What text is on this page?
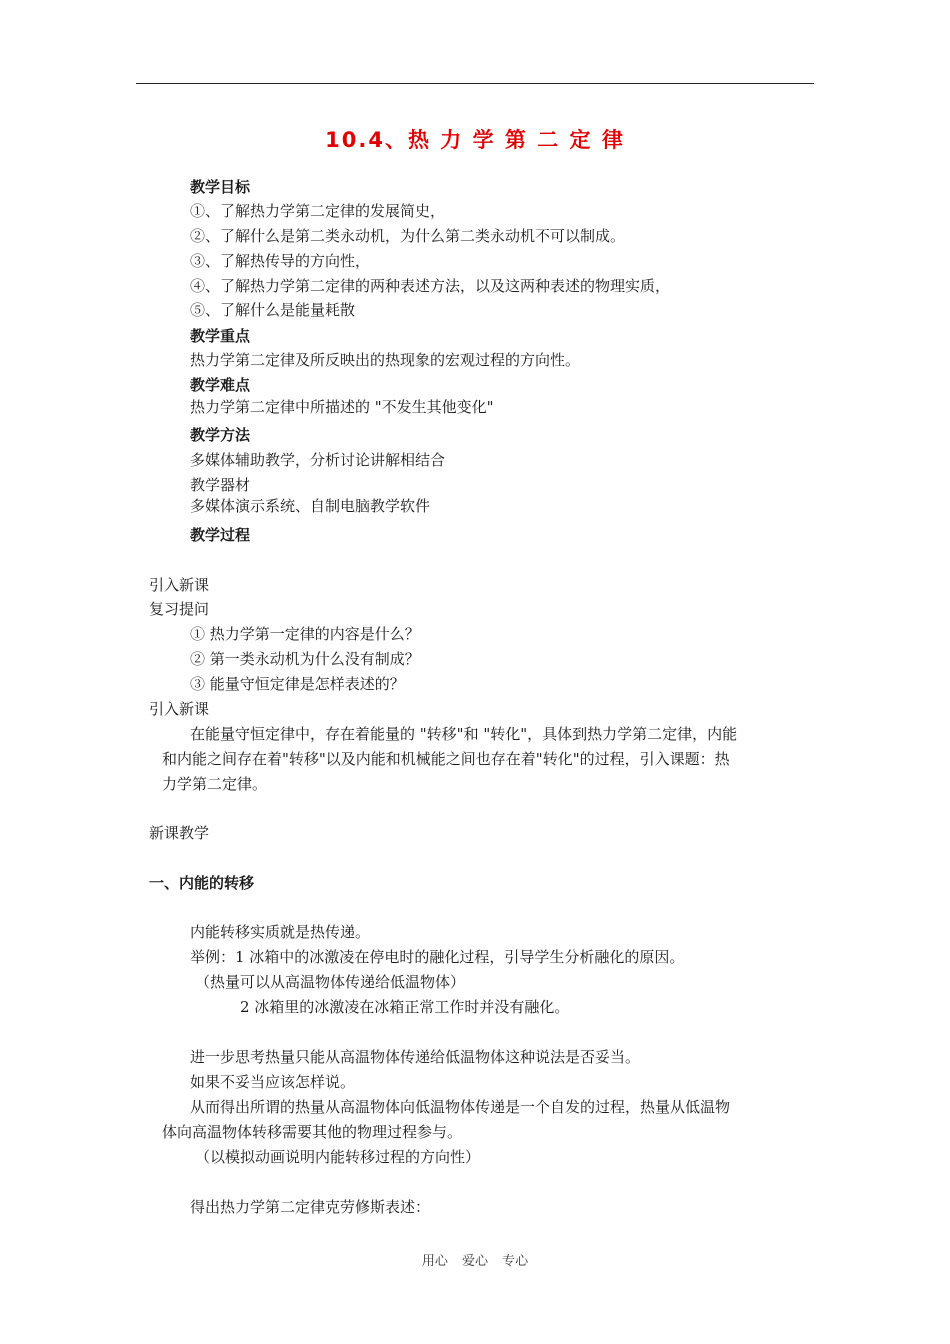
10.4、热 力 学 第 二 定 律
教学目标
①、了解热力学第二定律的发展简史，
②、了解什么是第二类永动机，为什么第二类永动机不可以制成。
③、了解热传导的方向性，
④、了解热力学第二定律的两种表述方法，以及这两种表述的物理实质，
⑤、了解什么是能量耗散
教学重点
热力学第二定律及所反映出的热现象的宏观过程的方向性。
教学难点
热力学第二定律中所描述的 "不发生其他变化"
教学方法
多媒体辅助教学，分析讨论讲解相结合
教学器材
多媒体演示系统、自制电脑教学软件
教学过程
引入新课
复习提问
① 热力学第一定律的内容是什么？
② 第一类永动机为什么没有制成？
③ 能量守恒定律是怎样表述的？
引入新课
在能量守恒定律中，存在着能量的 "转移"和 "转化"，具体到热力学第二定律，内能
和内能之间存在着"转移"以及内能和机械能之间也存在着"转化"的过程，引入课题：热
力学第二定律。
新课教学
一、内能的转移
内能转移实质就是热传递。
举例：1 冰箱中的冰激凌在停电时的融化过程，引导学生分析融化的原因。
（热量可以从高温物体传递给低温物体）
2 冰箱里的冰激凌在冰箱正常工作时并没有融化。
进一步思考热量只能从高温物体传递给低温物体这种说法是否妥当。
如果不妥当应该怎样说。
从而得出所谓的热量从高温物体向低温物体传递是一个自发的过程，热量从低温物
体向高温物体转移需要其他的物理过程参与。
（以模拟动画说明内能转移过程的方向性）
得出热力学第二定律克劳修斯表述：
用心 爱心 专心
